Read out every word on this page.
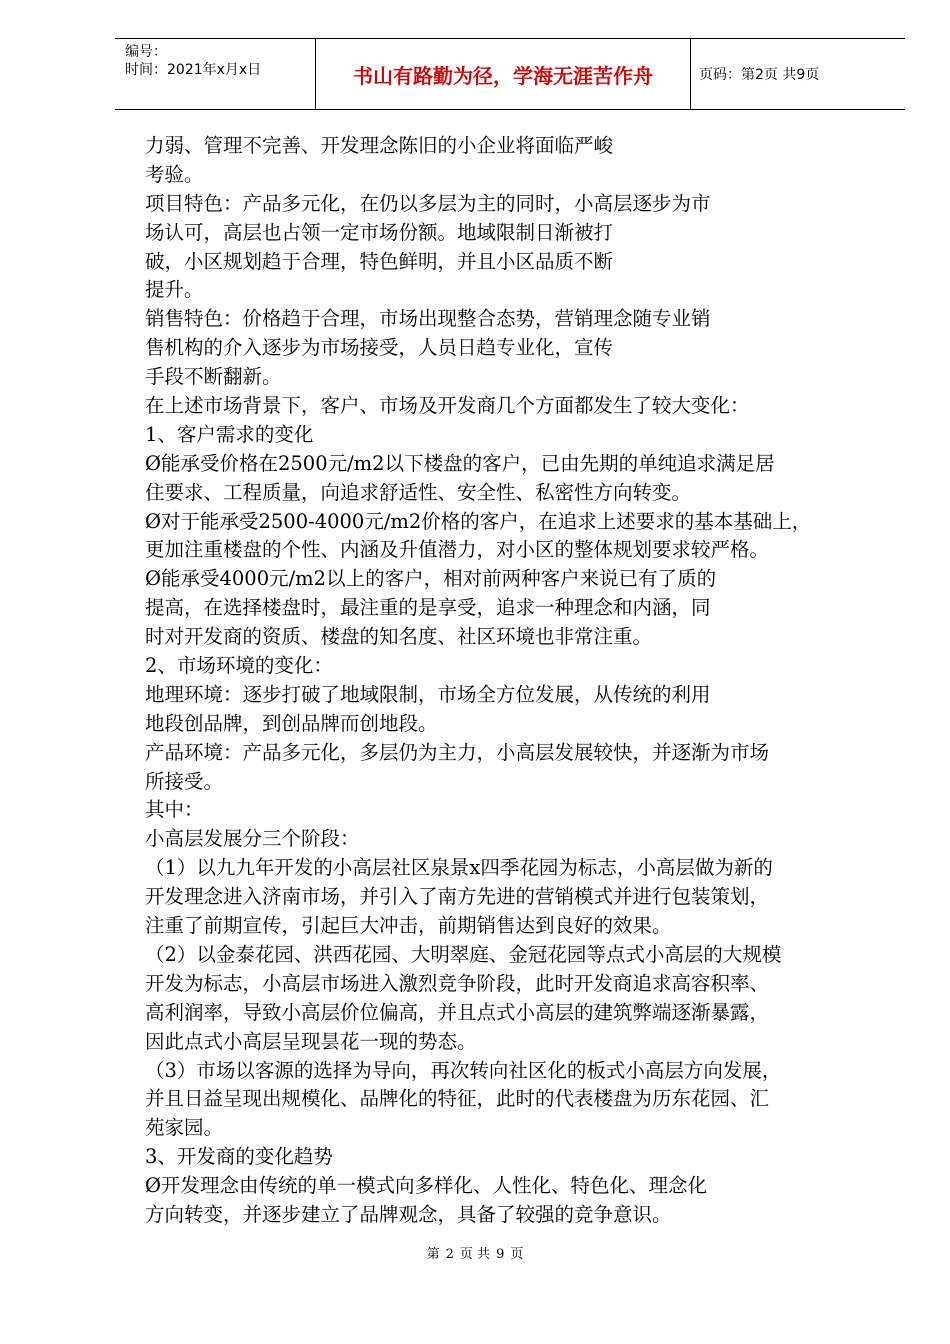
编号：
时间：2021年x月x日	书山有路勤为径，学海无涯苦作舟	页码：第2页 共9页
力弱、管理不完善、开发理念陈旧的小企业将面临严峻
考验。
项目特色：产品多元化，在仍以多层为主的同时，小高层逐步为市
场认可，高层也占领一定市场份额。地域限制日渐被打
破，小区规划趋于合理，特色鲜明，并且小区品质不断
提升。
销售特色：价格趋于合理，市场出现整合态势，营销理念随专业销
售机构的介入逐步为市场接受，人员日趋专业化，宣传
手段不断翻新。
在上述市场背景下，客户、市场及开发商几个方面都发生了较大变化：
1、客户需求的变化
Ø能承受价格在2500元/m2以下楼盘的客户，已由先期的单纯追求满足居
住要求、工程质量，向追求舒适性、安全性、私密性方向转变。
Ø对于能承受2500-4000元/m2价格的客户，在追求上述要求的基本基础上，
更加注重楼盘的个性、内涵及升值潜力，对小区的整体规划要求较严格。
Ø能承受4000元/m2以上的客户，相对前两种客户来说已有了质的
提高，在选择楼盘时，最注重的是享受，追求一种理念和内涵，同
时对开发商的资质、楼盘的知名度、社区环境也非常注重。
2、市场环境的变化：
地理环境：逐步打破了地域限制，市场全方位发展，从传统的利用
地段创品牌，到创品牌而创地段。
产品环境：产品多元化，多层仍为主力，小高层发展较快，并逐渐为市场
所接受。
其中：
小高层发展分三个阶段：
（1）以九九年开发的小高层社区泉景x四季花园为标志，小高层做为新的
开发理念进入济南市场，并引入了南方先进的营销模式并进行包装策划，
注重了前期宣传，引起巨大冲击，前期销售达到良好的效果。
（2）以金泰花园、洪西花园、大明翠庭、金冠花园等点式小高层的大规模
开发为标志，小高层市场进入激烈竞争阶段，此时开发商追求高容积率、
高利润率，导致小高层价位偏高，并且点式小高层的建筑弊端逐渐暴露，
因此点式小高层呈现昙花一现的势态。
（3）市场以客源的选择为导向，再次转向社区化的板式小高层方向发展，
并且日益呈现出规模化、品牌化的特征，此时的代表楼盘为历东花园、汇
苑家园。
3、开发商的变化趋势
Ø开发理念由传统的单一模式向多样化、人性化、特色化、理念化
方向转变，并逐步建立了品牌观念，具备了较强的竞争意识。
第 2 页 共 9 页
